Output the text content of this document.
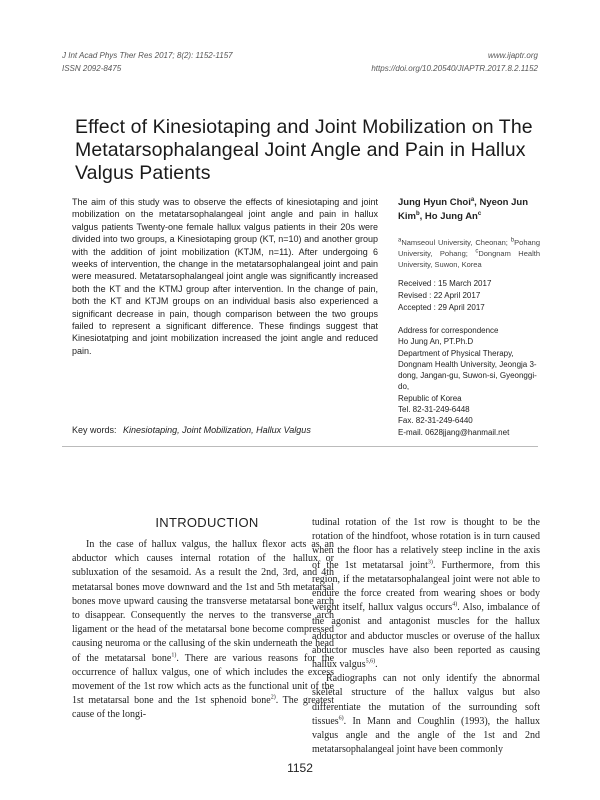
J Int Acad Phys Ther Res 2017; 8(2): 1152-1157
ISSN 2092-8475
www.ijaptr.org
https://doi.org/10.20540/JIAPTR.2017.8.2.1152
Effect of Kinesiotaping and Joint Mobilization on The Metatarsophalangeal Joint Angle and Pain in Hallux Valgus Patients
The aim of this study was to observe the effects of kinesiotaping and joint mobilization on the metatarsophalangeal joint angle and pain in hallux valgus patients Twenty-one female hallux valgus patients in their 20s were divided into two groups, a Kinesiotaping group (KT, n=10) and another group with the addition of joint mobilization (KTJM, n=11). After undergoing 6 weeks of intervention, the change in the metatarsophalangeal joint and pain were measured. Metatarsophalangeal joint angle was significantly increased both the KT and the KTMJ group after intervention. In the change of pain, both the KT and KTJM groups on an individual basis also experienced a significant decrease in pain, though comparison between the two groups failed to represent a significant difference. These findings suggest that Kinesiotatping and joint mobilization increased the joint angle and reduced pain.
Key words: Kinesiotaping, Joint Mobilization, Hallux Valgus
Jung Hyun Choi$^a$, Nyeon Jun Kim$^b$, Ho Jung An$^c$
$^a$Namseoul University, Cheonan; $^b$Pohang University, Pohang; $^c$Dongnam Health University, Suwon, Korea
Received : 15 March 2017
Revised : 22 April 2017
Accepted : 29 April 2017
Address for correspondence
Ho Jung An, PT.Ph.D
Department of Physical Therapy,
Dongnam Health University, Jeongja 3-dong, Jangan-gu, Suwon-si, Gyeonggi-do,
Republic of Korea
Tel. 82-31-249-6448
Fax. 82-31-249-6440
E-mail. 0628jjang@hanmail.net
INTRODUCTION

In the case of hallux valgus, the hallux flexor acts as an abductor which causes internal rotation of the hallux or subluxation of the sesamoid. As a result the 2nd, 3rd, and 4th metatarsal bones move downward and the 1st and 5th metatarsal bones move upward causing the transverse metatarsal bone arch to disappear. Consequently the nerves to the transverse arch ligament or the head of the metatarsal bone become compressed causing neuroma or the callusing of the skin underneath the head of the metatarsal bone$^{1)}$. There are various reasons for the occurrence of hallux valgus, one of which includes the excess movement of the 1st row which acts as the functional unit of the 1st metatarsal bone and the 1st sphenoid bone$^{2)}$. The greatest cause of the longi-

tudinal rotation of the 1st row is thought to be the rotation of the hindfoot, whose rotation is in turn caused when the floor has a relatively steep incline in the axis of the 1st metatarsal joint$^{3)}$. Furthermore, from this region, if the metatarsophalangeal joint were not able to endure the force created from wearing shoes or body weight itself, hallux valgus occurs$^{4)}$. Also, imbalance of the agonist and antagonist muscles for the hallux adductor and abductor muscles or overuse of the hallux abductor muscles have also been reported as causing hallux valgus$^{5,6)}$.

Radiographs can not only identify the abnormal skeletal structure of the hallux valgus but also differentiate the mutation of the surrounding soft tissues$^{6)}$. In Mann and Coughlin (1993), the hallux valgus angle and the angle of the 1st and 2nd metatarsophalangeal joint have been commonly

1152
